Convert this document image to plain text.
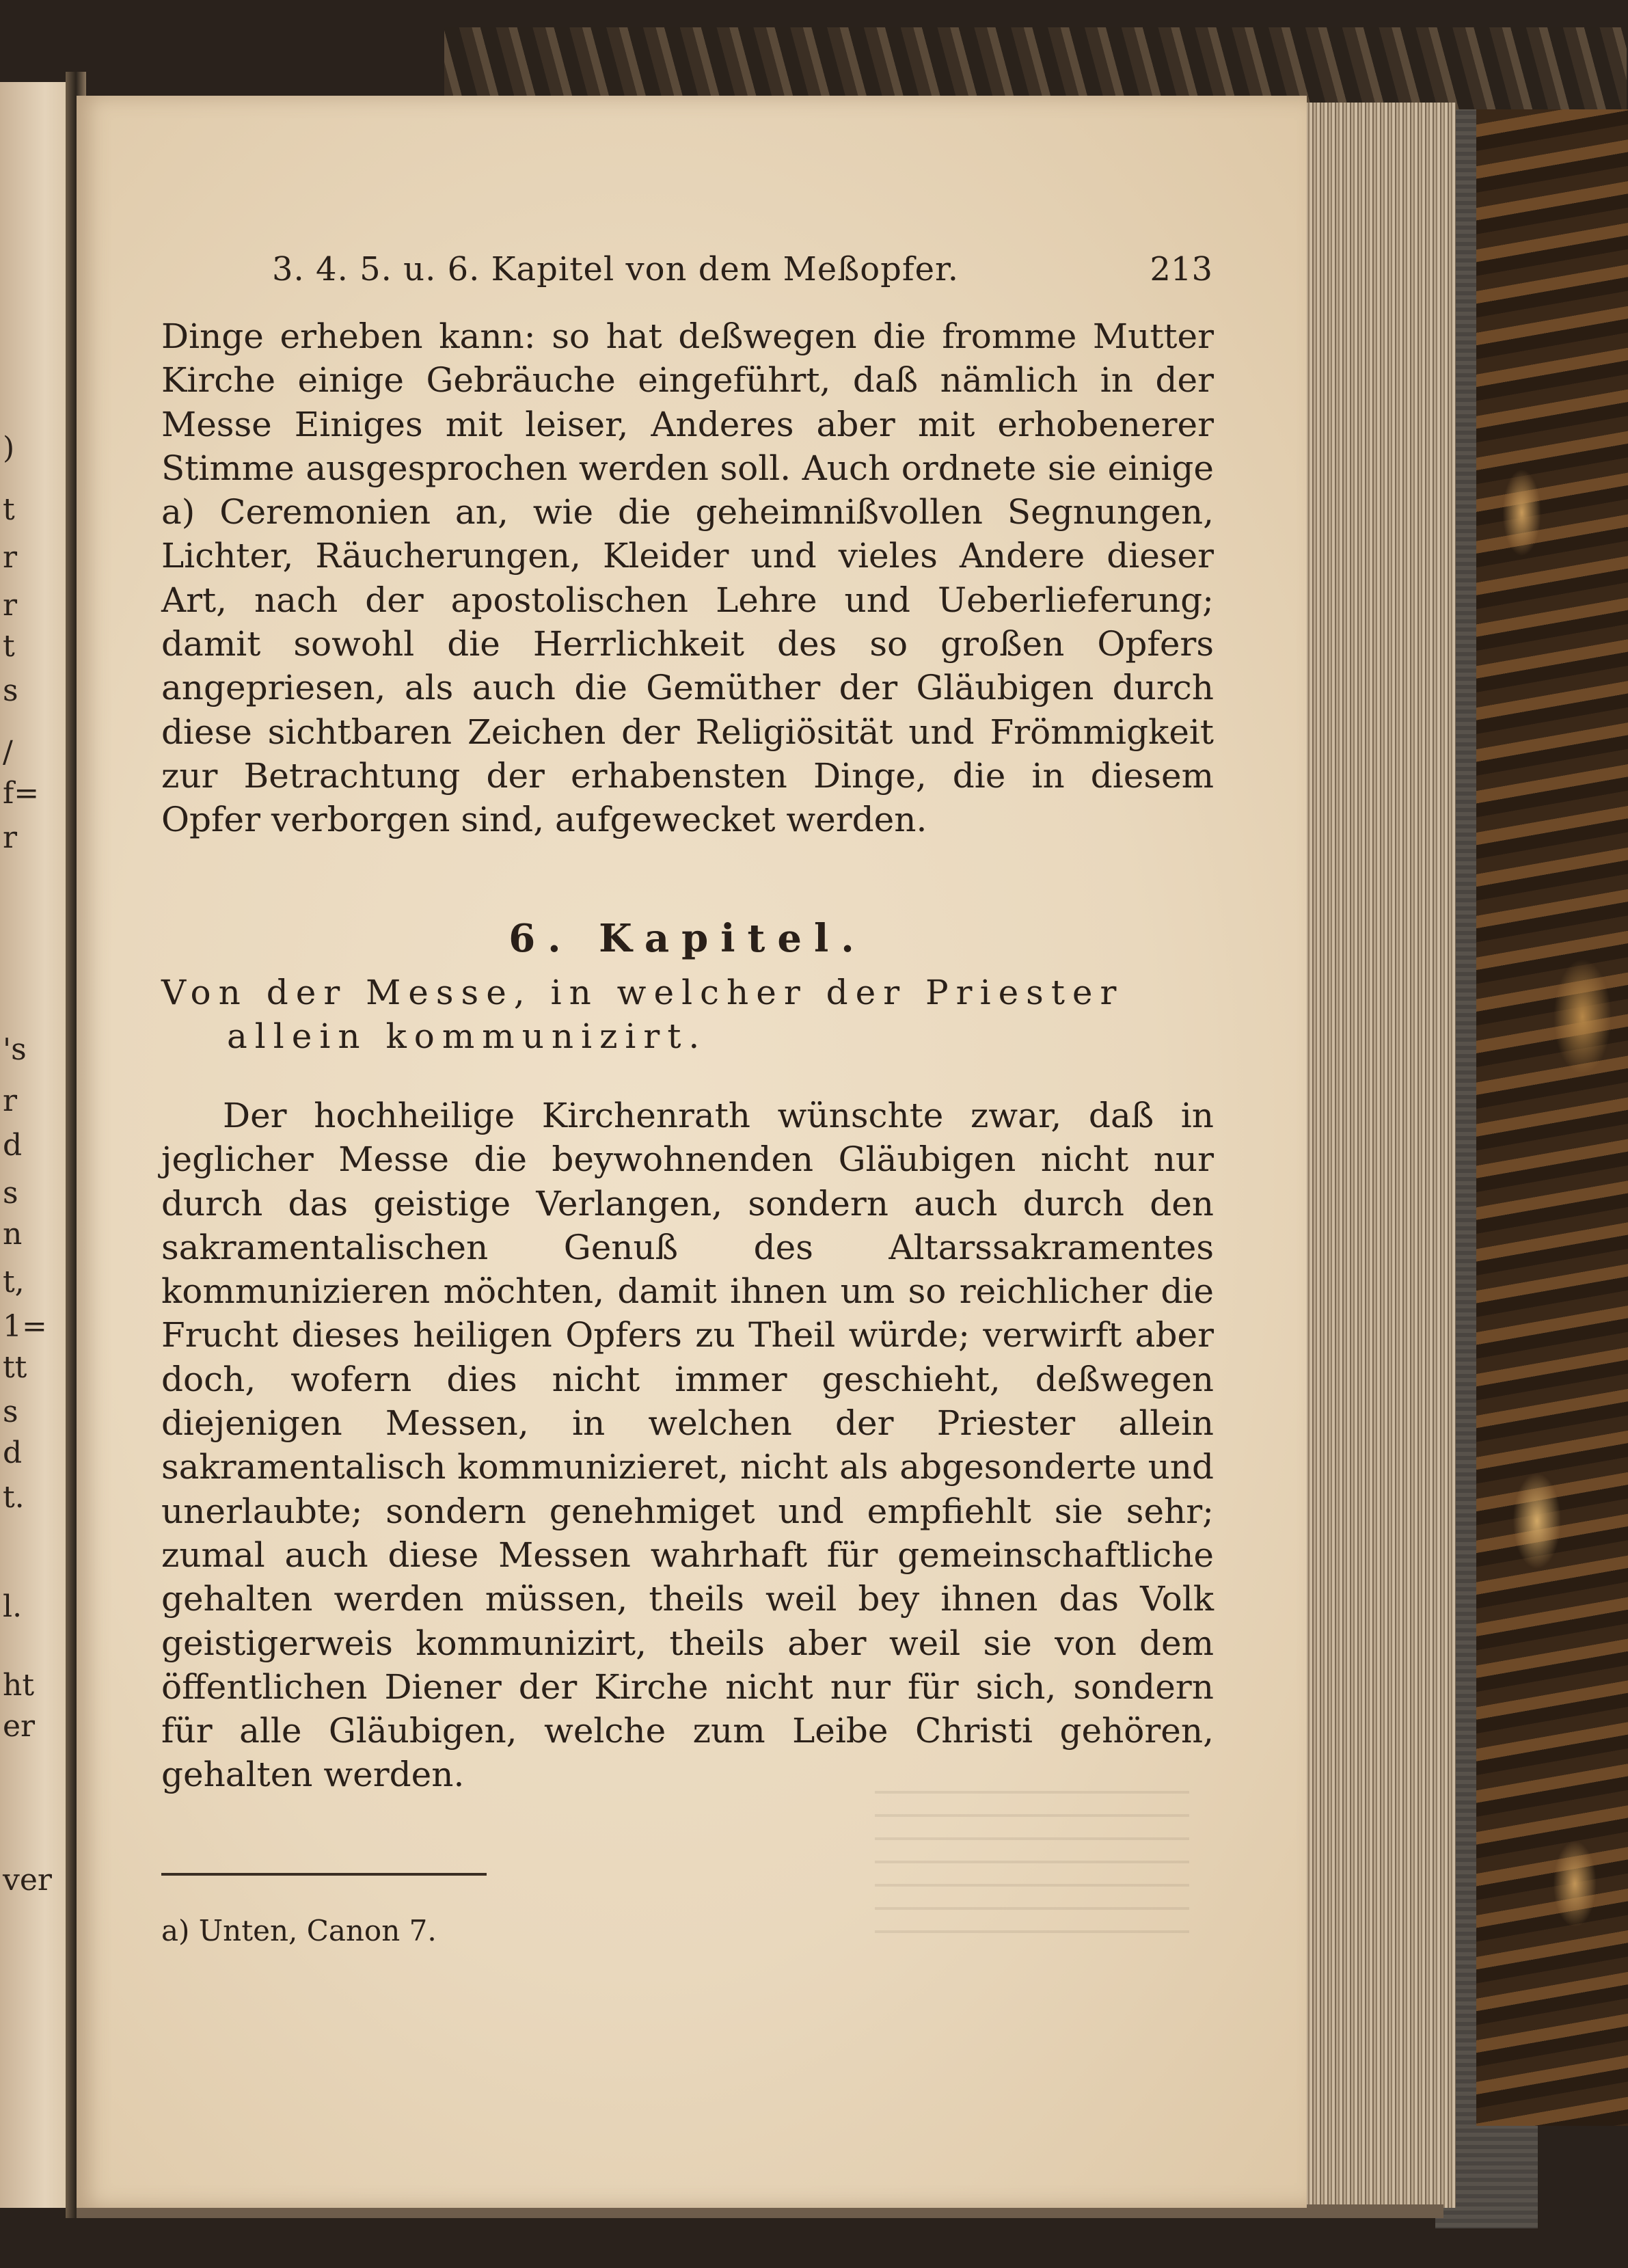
)

t

r

r

t

s

/

f=

r

's

r

d

s

n

t,

1=

tt

s

d

t.

l.

ht

er

ver

3. 4. 5. u. 6. Kapitel von dem Meßopfer.	213

Dinge erheben kann: so hat deßwegen die fromme Mutter Kirche einige Gebräuche eingeführt, daß nämlich in der Messe Einiges mit leiser, Anderes aber mit erhobenerer Stimme ausgesprochen werden soll. Auch ordnete sie einige a) Ceremonien an, wie die geheimnißvollen Segnungen, Lichter, Räucherungen, Kleider und vieles Andere dieser Art, nach der apostolischen Lehre und Ueberlieferung; damit sowohl die Herrlichkeit des so großen Opfers angepriesen, als auch die Gemüther der Gläubigen durch diese sichtbaren Zeichen der Religiösität und Frömmigkeit zur Betrachtung der erhabensten Dinge, die in diesem Opfer verborgen sind, aufgewecket werden.

6. Kapitel.

Von der Messe, in welcher der Priester
allein kommunizirt.

Der hochheilige Kirchenrath wünschte zwar, daß in jeglicher Messe die beywohnenden Gläubigen nicht nur durch das geistige Verlangen, sondern auch durch den sakramentalischen Genuß des Altarssakramentes kommunizieren möchten, damit ihnen um so reichlicher die Frucht dieses heiligen Opfers zu Theil würde; verwirft aber doch, wofern dies nicht immer geschieht, deßwegen diejenigen Messen, in welchen der Priester allein sakramentalisch kommunizieret, nicht als abgesonderte und unerlaubte; sondern genehmiget und empfiehlt sie sehr; zumal auch diese Messen wahrhaft für gemeinschaftliche gehalten werden müssen, theils weil bey ihnen das Volk geistigerweis kommunizirt, theils aber weil sie von dem öffentlichen Diener der Kirche nicht nur für sich, sondern für alle Gläubigen, welche zum Leibe Christi gehören, gehalten werden.

a) Unten, Canon 7.
